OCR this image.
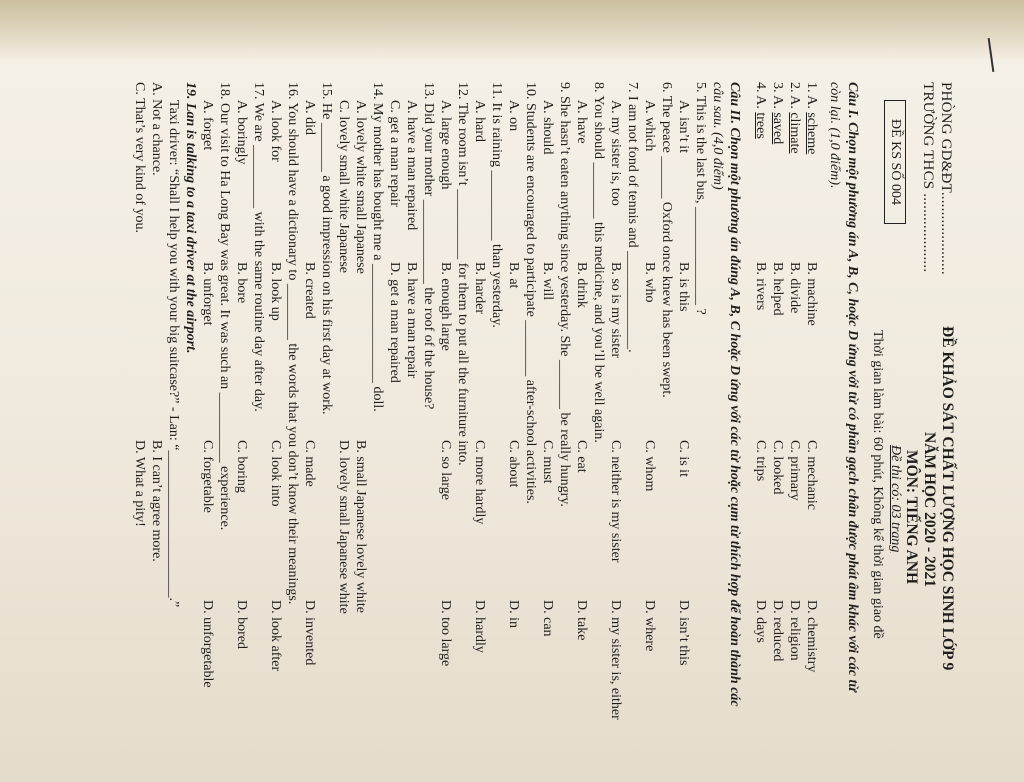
PHÒNG GD&ĐT.....................
TRƯỜNG THCS ....................
ĐỀ KS SỐ 004
ĐỀ KHẢO SÁT CHẤT LƯỢNG HỌC SINH LỚP 9
NĂM HỌC 2020 - 2021
MÔN: TIẾNG ANH
Đề thi có: 03 trang
Thời gian làm bài: 60 phút, Không kể thời gian giao đề
Câu I. Chọn một phương án A, B, C, hoặc D ứng với từ có phần gạch chân được phát âm khác với các từ
còn lại. (1,0 điểm).
1. A. scheme
B. machine
C. mechanic
D. chemistry
2. A. climate
B. divide
C. primary
D. religion
3. A. saved
B. helped
C. looked
D. reduced
4. A. trees
B. rivers
C. trips
D. days
Câu II. Chọn một phương án đúng A, B, C hoặc D ứng với các từ hoặc cụm từ thích hợp để hoàn thành các
câu sau. (4,0 điểm)
5. This is the last bus, ______________ ?
A. isn’t it
B. is this
C. is it
D. isn’t this
6. The peace ______ Oxford once knew has been swept.
A. which
B. who
C. whom
D. where
7. I am not fond of tennis and ______________.
A. my sister is, too
B. so is my sister
C. neither is my sister
D. my sister is, either
8. You should ________ this medicine, and you’ll be well again.
A. have
B. drink
C. eat
D. take
9. She hasn’t eaten anything since yesterday. She _______ be really hungry.
A. should
B. will
C. must
D. can
10. Students are encouraged to participate ________ after-school activities.
A. on
B. at
C. about
D. in
11. It is raining __________ than yesterday.
A. hard
B. harder
C. more hardly
D. hardly
12. The room isn’t __________ for them to put all the furniture into.
A. large enough
B. enough large
C. so large
D. too large
13. Did your mother ____________ the roof of the house?
A. have a man repaired
B. have a man repair
C. get a man repair
D. get a man repaired
14. My mother has bought me a _________________ doll.
A. lovely white small Japanese
B. small Japanese lovely white
C. lovely small white Japanese
D. lovely small Japanese white
15. He _______ a good impression on his first day at work.
A. did
B. created
C. made
D. invented
16. You should have a dictionary to ________ the words that you don’t know their meanings.
A. look for
B. look up
C. look into
D. look after
17. We are _________ with the same routine day after day.
A. boringly
B. bore
C. boring
D. bored
18. Our visit to Ha Long Bay was great. It was such an __________ experience.
A. forget
B. unforget
C. forgetable
D. unforgetable
19. Lan is talking to a taxi driver at the airport.
Taxi driver: “Shall I help you with your big suitcase?” - Lan: “_____________________.”
A. Not a chance.
B. I can’t agree more.
C. That’s very kind of you.
D. What a pity!
